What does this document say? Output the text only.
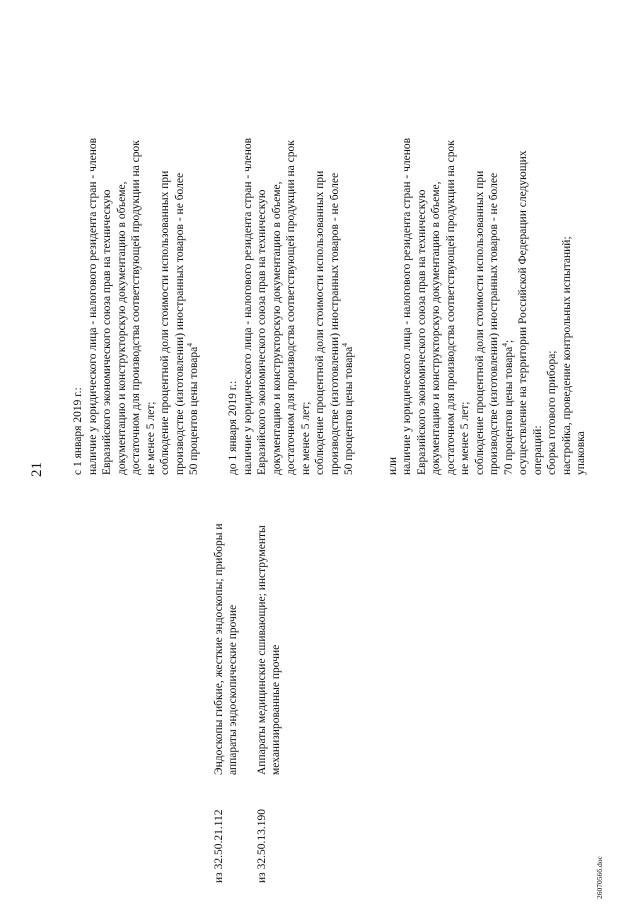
21
из 32.50.21.112
Эндоскопы гибкие, жесткие эндоскопы; приборы и аппараты эндоскопические прочие
с 1 января 2019 г.: наличие у юридического лица - налогового резидента стран - членов Евразийского экономического союза прав на техническую документацию и конструкторскую документацию в объеме, достаточном для производства соответствующей продукции на срок не менее 5 лет; соблюдение процентной доли стоимости использованных при производстве (изготовлении) иностранных товаров - не более 50 процентов цены товара$^4$
из 32.50.13.190
Аппараты медицинские сшивающие; инструменты механизированные прочие
до 1 января 2019 г.: наличие у юридического лица - налогового резидента стран - членов Евразийского экономического союза прав на техническую документацию и конструкторскую документацию в объеме, достаточном для производства соответствующей продукции на срок не менее 5 лет; соблюдение процентной доли стоимости использованных при производстве (изготовлении) иностранных товаров - не более 50 процентов цены товара$^4$
или наличие у юридического лица - налогового резидента стран - членов Евразийского экономического союза прав на техническую документацию и конструкторскую документацию в объеме, достаточном для производства соответствующей продукции на срок не менее 5 лет; соблюдение процентной доли стоимости использованных при производстве (изготовлении) иностранных товаров - не более 70 процентов цены товара$^4$; осуществление на территории Российской Федерации следующих операций: сборка готового прибора; настройка, проведение контрольных испытаний; упаковка
2607056б.doc
